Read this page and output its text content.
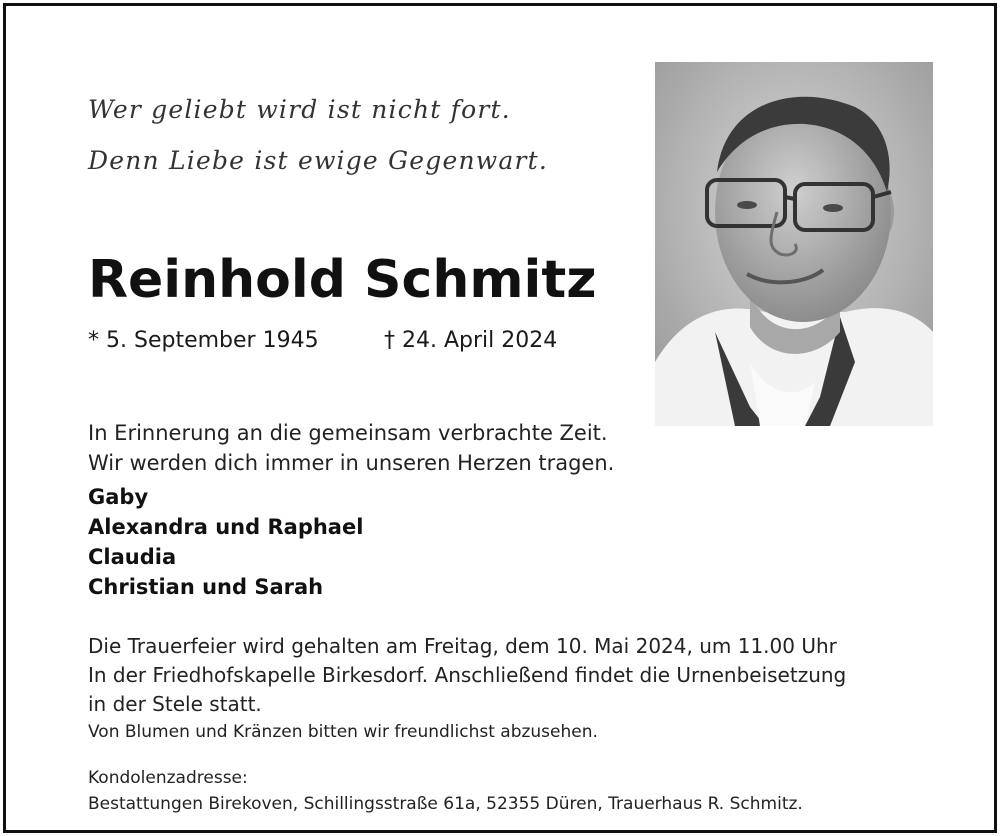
Wer geliebt wird ist nicht fort.
Denn Liebe ist ewige Gegenwart.
Reinhold Schmitz
* 5. September 1945	† 24. April 2024
In Erinnerung an die gemeinsam verbrachte Zeit.
Wir werden dich immer in unseren Herzen tragen.
Gaby
Alexandra und Raphael
Claudia
Christian und Sarah
Die Trauerfeier wird gehalten am Freitag, dem 10. Mai 2024, um 11.00 Uhr
In der Friedhofskapelle Birkesdorf. Anschließend findet die Urnenbeisetzung
in der Stele statt.
Von Blumen und Kränzen bitten wir freundlichst abzusehen.
Kondolenzadresse:
Bestattungen Birekoven, Schillingsstraße 61a, 52355 Düren, Trauerhaus R. Schmitz.
